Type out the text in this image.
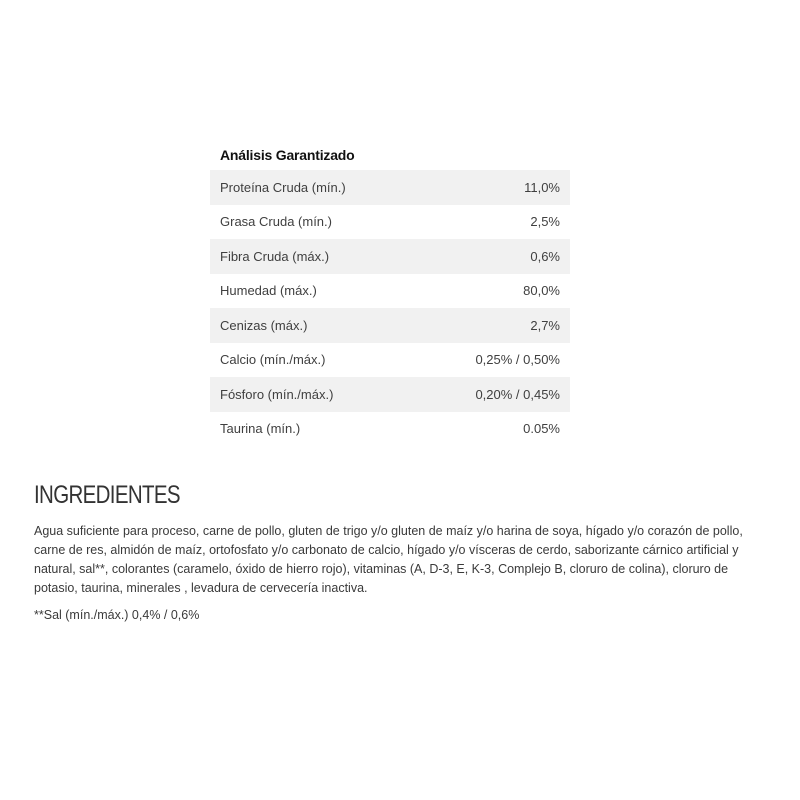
Análisis Garantizado
Proteína Cruda (mín.)	11,0%
Grasa Cruda (mín.)	2,5%
Fibra Cruda (máx.)	0,6%
Humedad (máx.)	80,0%
Cenizas (máx.)	2,7%
Calcio (mín./máx.)	0,25% / 0,50%
Fósforo (mín./máx.)	0,20% / 0,45%
Taurina (mín.)	0.05%
INGREDIENTES

Agua suficiente para proceso, carne de pollo, gluten de trigo y/o gluten de maíz y/o harina de soya, hígado y/o corazón de pollo, carne de res, almidón de maíz, ortofosfato y/o carbonato de calcio, hígado y/o vísceras de cerdo, saborizante cárnico artificial y natural, sal**, colorantes (caramelo, óxido de hierro rojo), vitaminas (A, D-3, E, K-3, Complejo B, cloruro de colina), cloruro de potasio, taurina, minerales , levadura de cervecería inactiva.

**Sal (mín./máx.) 0,4% / 0,6%
